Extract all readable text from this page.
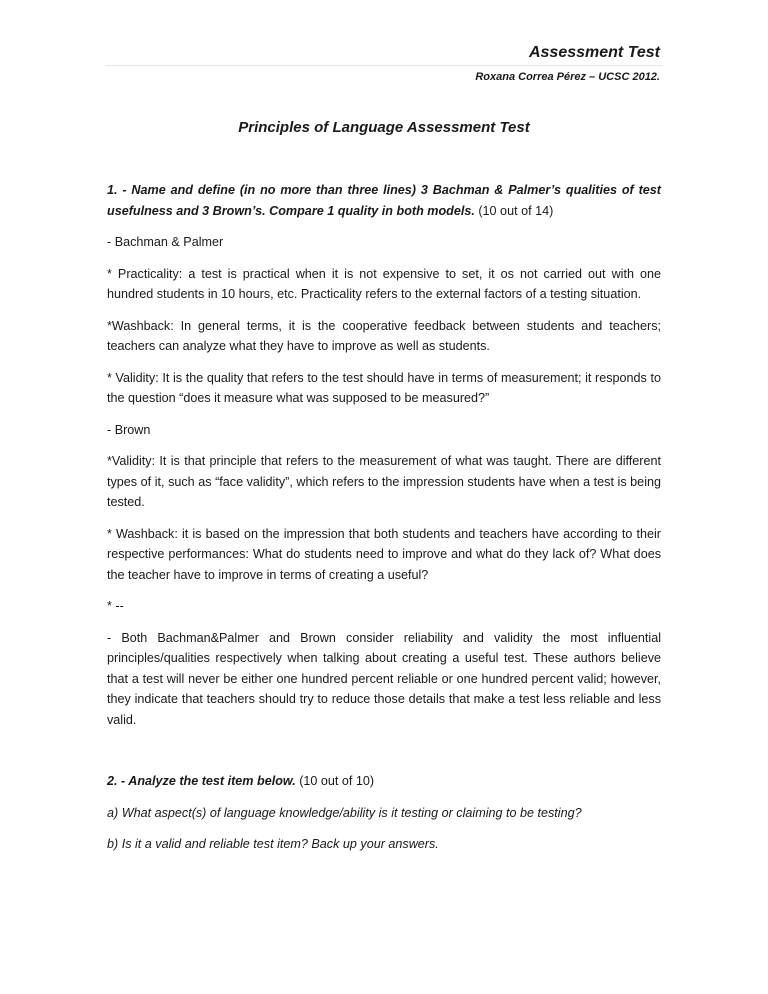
Assessment Test

Roxana Correa Pérez – UCSC 2012.

Principles of Language Assessment Test

1. - Name and define (in no more than three lines) 3 Bachman & Palmer’s qualities of test usefulness and 3 Brown’s. Compare 1 quality in both models. (10 out of 14)

- Bachman & Palmer

* Practicality: a test is practical when it is not expensive to set, it os not carried out with one hundred students in 10 hours, etc. Practicality refers to the external factors of a testing situation.

*Washback: In general terms, it is the cooperative feedback between students and teachers; teachers can analyze what they have to improve as well as students.

* Validity: It is the quality that refers to the test should have in terms of measurement; it responds to the question “does it measure what was supposed to be measured?”

- Brown

*Validity: It is that principle that refers to the measurement of what was taught. There are different types of it, such as “face validity”, which refers to the impression students have when a test is being tested.

* Washback: it is based on the impression that both students and teachers have according to their respective performances: What do students need to improve and what do they lack of? What does the teacher have to improve in terms of creating a useful?

* --

- Both Bachman&Palmer and Brown consider reliability and validity the most influential principles/qualities respectively when talking about creating a useful test. These authors believe that a test will never be either one hundred percent reliable or one hundred percent valid; however, they indicate that teachers should try to reduce those details that make a test less reliable and less valid.

2. - Analyze the test item below. (10 out of 10)

a) What aspect(s) of language knowledge/ability is it testing or claiming to be testing?

b) Is it a valid and reliable test item? Back up your answers.
